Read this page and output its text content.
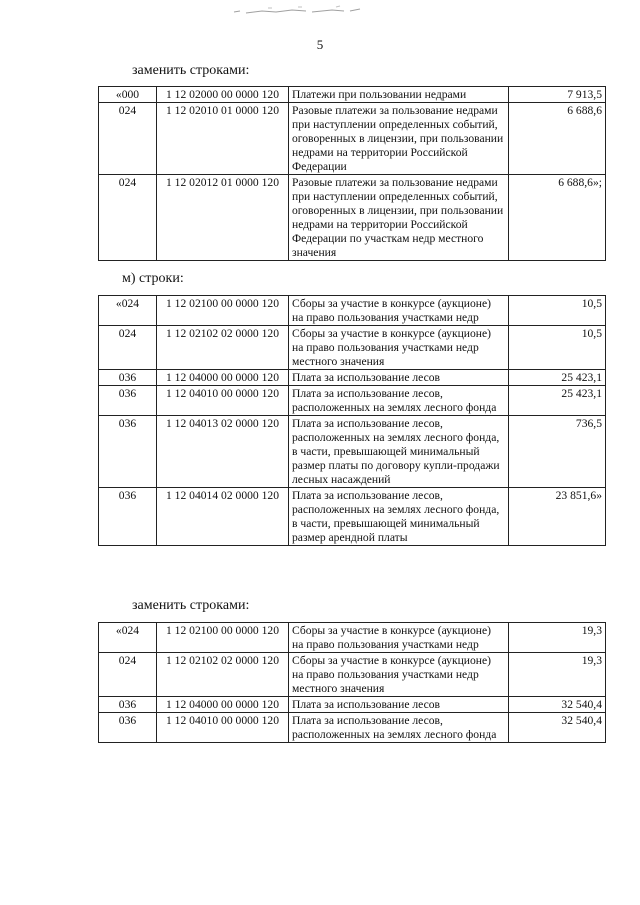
5
заменить строками:
«000	1 12 02000 00 0000 120	Платежи при пользовании недрами	7 913,5
024	1 12 02010 01 0000 120	Разовые платежи за пользование недрами при наступлении определенных событий, оговоренных в лицензии, при пользовании недрами на территории Российской Федерации	6 688,6
024	1 12 02012 01 0000 120	Разовые платежи за пользование недрами при наступлении определенных событий, оговоренных в лицензии, при пользовании недрами на территории Российской Федерации по участкам недр местного значения	6 688,6»;
м) строки:
«024	1 12 02100 00 0000 120	Сборы за участие в конкурсе (аукционе) на право пользования участками недр	10,5
024	1 12 02102 02 0000 120	Сборы за участие в конкурсе (аукционе) на право пользования участками недр местного значения	10,5
036	1 12 04000 00 0000 120	Плата за использование лесов	25 423,1
036	1 12 04010 00 0000 120	Плата за использование лесов, расположенных на землях лесного фонда	25 423,1
036	1 12 04013 02 0000 120	Плата за использование лесов, расположенных на землях лесного фонда, в части, превышающей минимальный размер платы по договору купли-продажи лесных насаждений	736,5
036	1 12 04014 02 0000 120	Плата за использование лесов, расположенных на землях лесного фонда, в части, превышающей минимальный размер арендной платы	23 851,6»
заменить строками:
«024	1 12 02100 00 0000 120	Сборы за участие в конкурсе (аукционе) на право пользования участками недр	19,3
024	1 12 02102 02 0000 120	Сборы за участие в конкурсе (аукционе) на право пользования участками недр местного значения	19,3
036	1 12 04000 00 0000 120	Плата за использование лесов	32 540,4
036	1 12 04010 00 0000 120	Плата за использование лесов, расположенных на землях лесного фонда	32 540,4
